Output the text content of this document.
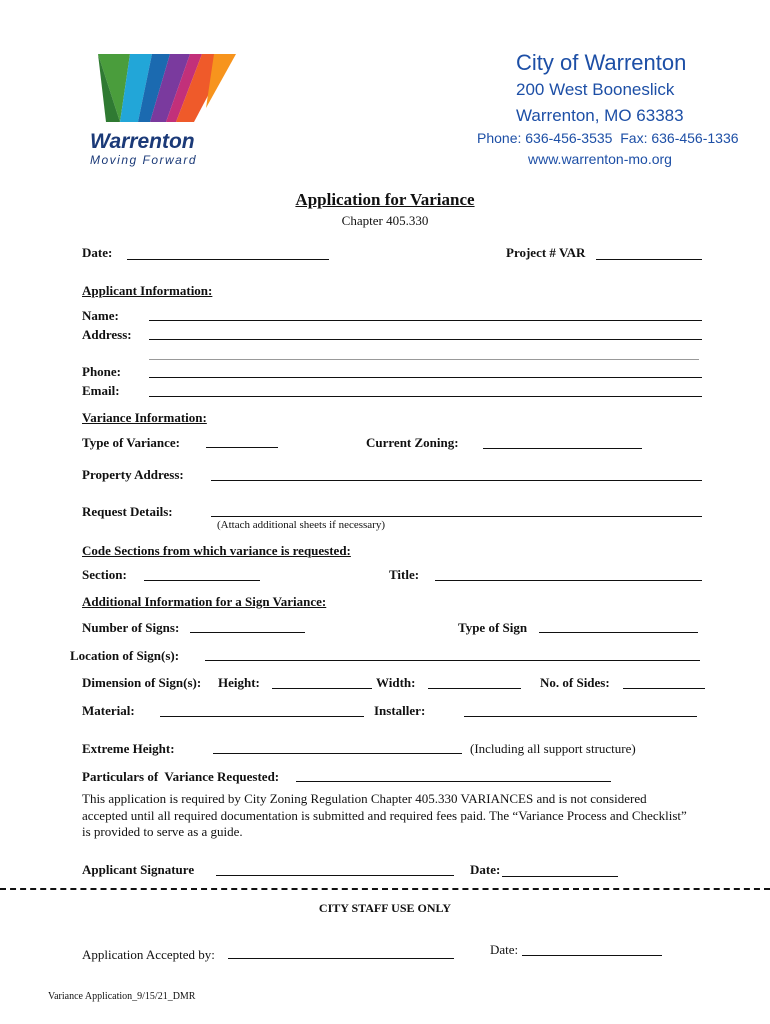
Warrenton
Moving Forward
City of Warrenton
200 West Booneslick
Warrenton, MO 63383
Phone: 636-456-3535  Fax: 636-456-1336
www.warrenton-mo.org
Application for Variance
Chapter 405.330
Date:	Project # VAR
Applicant Information:
Name:
Address:
Phone:
Email:
Variance Information:
Type of Variance:	Current Zoning:
Property Address:
Request Details:
(Attach additional sheets if necessary)
Code Sections from which variance is requested:
Section:	Title:
Additional Information for a Sign Variance:
Number of Signs:	Type of Sign
Location of Sign(s):
Dimension of Sign(s): Height:	Width:	No. of Sides:
Material:	Installer:
Extreme Height:	(Including all support structure)
Particulars of  Variance Requested:
This application is required by City Zoning Regulation Chapter 405.330 VARIANCES and is not considered accepted until all required documentation is submitted and required fees paid. The “Variance Process and Checklist” is provided to serve as a guide.
Applicant Signature	Date:
CITY STAFF USE ONLY
Application Accepted by:	Date:
Variance Application_9/15/21_DMR
